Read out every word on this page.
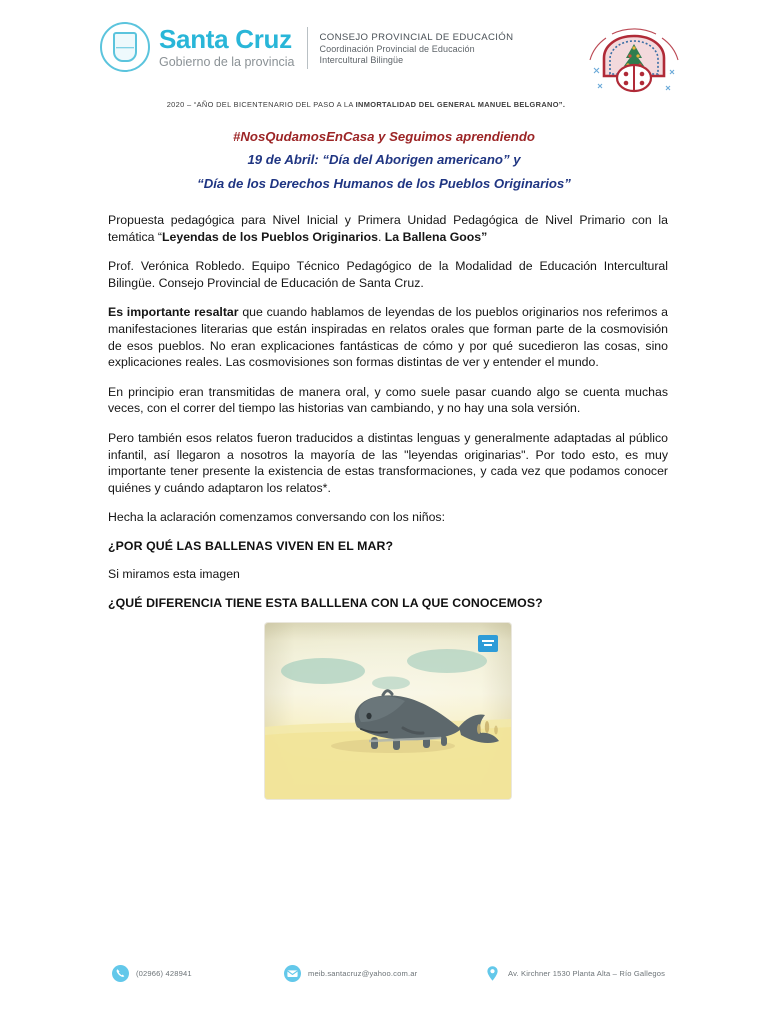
Santa Cruz
Gobierno de la provincia
CONSEJO PROVINCIAL DE EDUCACIÓN
Coordinación Provincial de Educación
Intercultural Bilingüe
2020 – “AÑO DEL BICENTENARIO DEL PASO A LA INMORTALIDAD DEL GENERAL MANUEL BELGRANO”.
#NosQudamosEnCasa y Seguimos aprendiendo
19 de Abril: “Día del Aborigen americano” y
“Día de los Derechos Humanos de los Pueblos Originarios”

Propuesta pedagógica para Nivel Inicial y Primera Unidad Pedagógica de Nivel Primario con la temática “Leyendas de los Pueblos Originarios. La Ballena Goos”

Prof. Verónica Robledo. Equipo Técnico Pedagógico de la Modalidad de Educación Intercultural Bilingüe. Consejo Provincial de Educación de Santa Cruz.

Es importante resaltar que cuando hablamos de leyendas de los pueblos originarios nos referimos a manifestaciones literarias que están inspiradas en relatos orales que forman parte de la cosmovisión de esos pueblos. No eran explicaciones fantásticas de cómo y por qué sucedieron las cosas, sino explicaciones reales. Las cosmovisiones son formas distintas de ver y entender el mundo.

En principio eran transmitidas de manera oral, y como suele pasar cuando algo se cuenta muchas veces, con el correr del tiempo las historias van cambiando, y no hay una sola versión.

Pero también esos relatos fueron traducidos a distintas lenguas y generalmente adaptadas al público infantil, así llegaron a nosotros la mayoría de las "leyendas originarias". Por todo esto, es muy importante tener presente la existencia de estas transformaciones, y cada vez que podamos conocer quiénes y cuándo adaptaron los relatos*.

Hecha la aclaración comenzamos conversando con los niños:

¿POR QUÉ LAS BALLENAS VIVEN EN EL MAR?

Si miramos esta imagen

¿QUÉ DIFERENCIA TIENE ESTA BALLLENA CON LA QUE CONOCEMOS?

(02966) 428941	meib.santacruz@yahoo.com.ar	Av. Kirchner 1530 Planta Alta – Río Gallegos
